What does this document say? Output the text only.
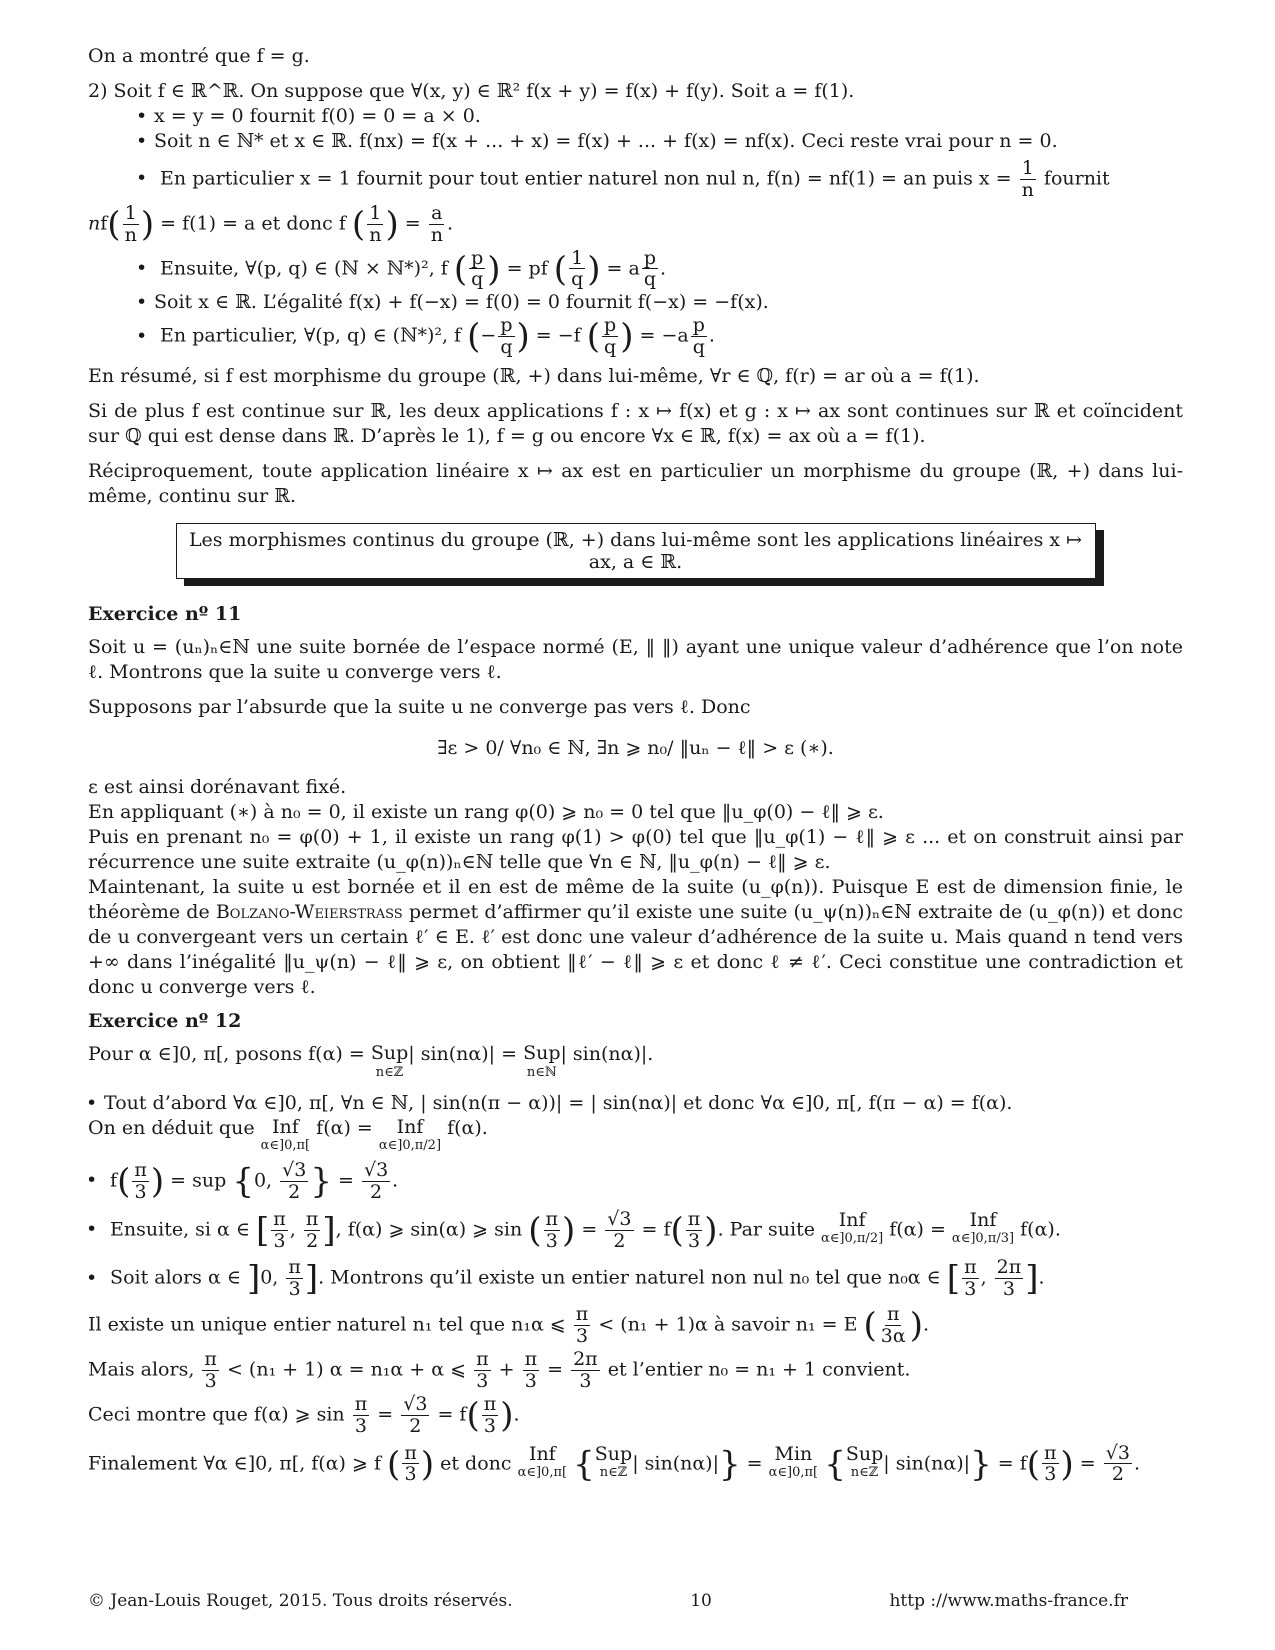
On a montré que f = g.

2) Soit f ∈ ℝ^ℝ. On suppose que ∀(x, y) ∈ ℝ² f(x + y) = f(x) + f(y). Soit a = f(1).

• x = y = 0 fournit f(0) = 0 = a × 0.

• Soit n ∈ ℕ* et x ∈ ℝ. f(nx) = f(x + ... + x) = f(x) + ... + f(x) = nf(x). Ceci reste vrai pour n = 0.

• En particulier x = 1 fournit pour tout entier naturel non nul n, f(n) = nf(1) = an puis $x = \frac{1}{n}$ fournit

$nf( \frac{1}{n}$ ) = f(1) = a et donc f ( $\frac{1}{n}$ ) = $\frac{a}{n}$ .

• Ensuite, ∀(p, q) ∈ (ℕ × ℕ*)², f ( $\frac{p}{q}$ ) = pf ( $\frac{1}{q}$ ) = a $\frac{p}{q}$ .

• Soit x ∈ ℝ. L’égalité f(x) + f(−x) = f(0) = 0 fournit f(−x) = −f(x).

• En particulier, ∀(p, q) ∈ (ℕ*)², f (− $\frac{p}{q}$ ) = −f ( $\frac{p}{q}$ ) = $-a \frac{p}{q}$ .

En résumé, si f est morphisme du groupe (ℝ, +) dans lui-même, ∀r ∈ ℚ, f(r) = ar où a = f(1).

Si de plus f est continue sur ℝ, les deux applications f : x ↦ f(x) et g : x ↦ ax sont continues sur ℝ et coïncident sur ℚ qui est dense dans ℝ. D’après le 1), f = g ou encore ∀x ∈ ℝ, f(x) = ax où a = f(1).

Réciproquement, toute application linéaire x ↦ ax est en particulier un morphisme du groupe (ℝ, +) dans lui-même, continu sur ℝ.

Les morphismes continus du groupe (ℝ, +) dans lui-même sont les applications linéaires x ↦ ax, a ∈ ℝ.
Exercice nº 11

Soit u = (uₙ)ₙ∈ℕ une suite bornée de l’espace normé (E, ‖ ‖) ayant une unique valeur d’adhérence que l’on note ℓ. Montrons que la suite u converge vers ℓ.

Supposons par l’absurde que la suite u ne converge pas vers ℓ. Donc

∃ε > 0/ ∀n₀ ∈ ℕ, ∃n ⩾ n₀/ ‖uₙ − ℓ‖ > ε (∗).

ε est ainsi dorénavant fixé.

En appliquant (∗) à n₀ = 0, il existe un rang φ(0) ⩾ n₀ = 0 tel que ‖u_φ(0) − ℓ‖ ⩾ ε.

Puis en prenant n₀ = φ(0) + 1, il existe un rang φ(1) > φ(0) tel que ‖u_φ(1) − ℓ‖ ⩾ ε ... et on construit ainsi par récurrence une suite extraite (u_φ(n))ₙ∈ℕ telle que ∀n ∈ ℕ, ‖u_φ(n) − ℓ‖ ⩾ ε.

Maintenant, la suite u est bornée et il en est de même de la suite (u_φ(n)). Puisque E est de dimension finie, le théorème de Bolzano-Weierstrass permet d’affirmer qu’il existe une suite (u_ψ(n))ₙ∈ℕ extraite de (u_φ(n)) et donc de u convergeant vers un certain ℓ′ ∈ E. ℓ′ est donc une valeur d’adhérence de la suite u. Mais quand n tend vers +∞ dans l’inégalité ‖u_ψ(n) − ℓ‖ ⩾ ε, on obtient ‖ℓ′ − ℓ‖ ⩾ ε et donc ℓ ≠ ℓ′. Ceci constitue une contradiction et donc u converge vers ℓ.

Exercice nº 12

Pour α ∈]0, π[, posons f(α) = Sup
n∈ℤ
| sin(nα)| = Sup
n∈ℕ
| sin(nα)|.

• Tout d’abord ∀α ∈]0, π[, ∀n ∈ ℕ, | sin(n(π − α))| = | sin(nα)| et donc ∀α ∈]0, π[, f(π − α) = f(α).

On en déduit que Inf
α∈]0,π[
f(α) = Inf
α∈]0,π/2]
f(α).

• $f( \frac{\pi}{3}$ ) = sup {0, $\frac{√3}{2}$ } = $\frac{√3}{2}$ .

• Ensuite, si α ∈ [ $\frac{\pi}{3}$ , $\frac{\pi}{2}$ ], f(α) ⩾ sin(α) ⩾ sin ( $\frac{\pi}{3}$ ) = $\frac{√3}{2} = f( \frac{\pi}{3}$ ). Par suite Inf
α∈]0,π/2] f(α) = Inf
α∈]0,π/3] f(α).

• Soit alors α ∈ ]0, $\frac{\pi}{3}$ ]. Montrons qu’il existe un entier naturel non nul n₀ tel que n₀α ∈ [ $\frac{\pi}{3}$ , $\frac{2\pi}{3}$ ].

Il existe un unique entier naturel n₁ tel que n₁α ⩽ $\frac{\pi}{3} < (n_1 + 1)\alpha$ à savoir n₁ = E ( $\frac{\pi}{3\alpha}$ ).

Mais alors, $\frac{\pi}{3} < (n_1 + 1) \alpha = n_1\alpha + \alpha$ ⩽ $\frac{\pi}{3} + \frac{\pi}{3} = \frac{2\pi}{3}$ et l’entier n₀ = n₁ + 1 convient.

Ceci montre que f(α) ⩾ $\sin \frac{\pi}{3} = \frac{√3}{2} = f( \frac{\pi}{3}$ ).

Finalement ∀α ∈]0, π[, f(α) ⩾ f ( $\frac{\pi}{3}$ ) et donc Inf
α∈]0,π[ { Sup
n∈ℤ | sin(nα)|} = Min
α∈]0,π[ { Sup
n∈ℤ | $\sin(n\alpha)|\} = f( \frac{\pi}{3}$ ) = $\frac{√3}{2}$ .

© Jean-Louis Rouget, 2015. Tous droits réservés.	10	http ://www.maths-france.fr
